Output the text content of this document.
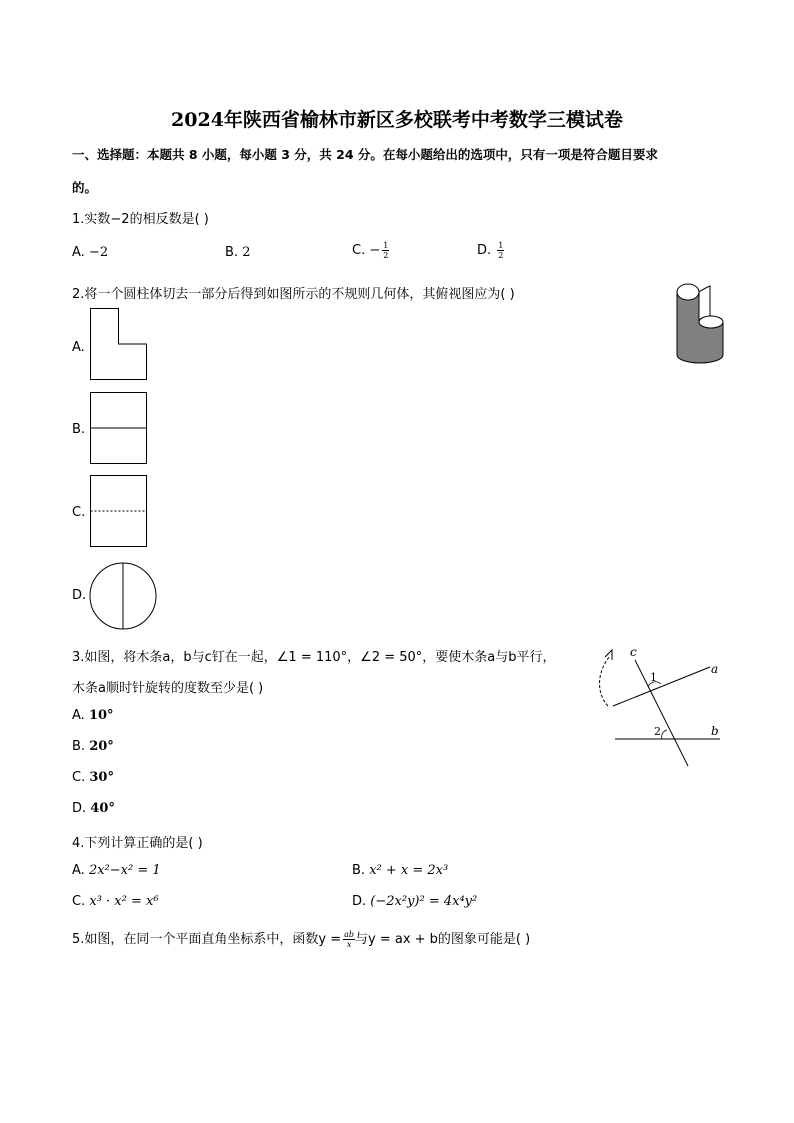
2024年陕西省榆林市新区多校联考中考数学三模试卷
一、选择题：本题共 8 小题，每小题 3 分，共 24 分。在每小题给出的选项中，只有一项是符合题目要求
的。
1.实数−2的相反数是( )
A. −2	B. 2	C. − $\frac{1}{2}$	D. $\frac{1}{2}$
2.将一个圆柱体切去一部分后得到如图所示的不规则几何体，其俯视图应为( )
A.
B.
C.
D.
3.如图，将木条a，b与c钉在一起，∠1 = 110°，∠2 = 50°，要使木条a与b平行，
木条a顺时针旋转的度数至少是( )
A. 10°
B. 20°
C. 30°
D. 40°
c
a
b
1
2
4.下列计算正确的是( )
A. 2x²−x² = 1	B. x² + x = 2x³
C. x³ · x² = x⁶	D. (−2x²y)² = 4x⁴y²
5.如图，在同一个平面直角坐标系中，函数$y = \frac{ab}{x}$ 与y = ax + b的图象可能是( )
